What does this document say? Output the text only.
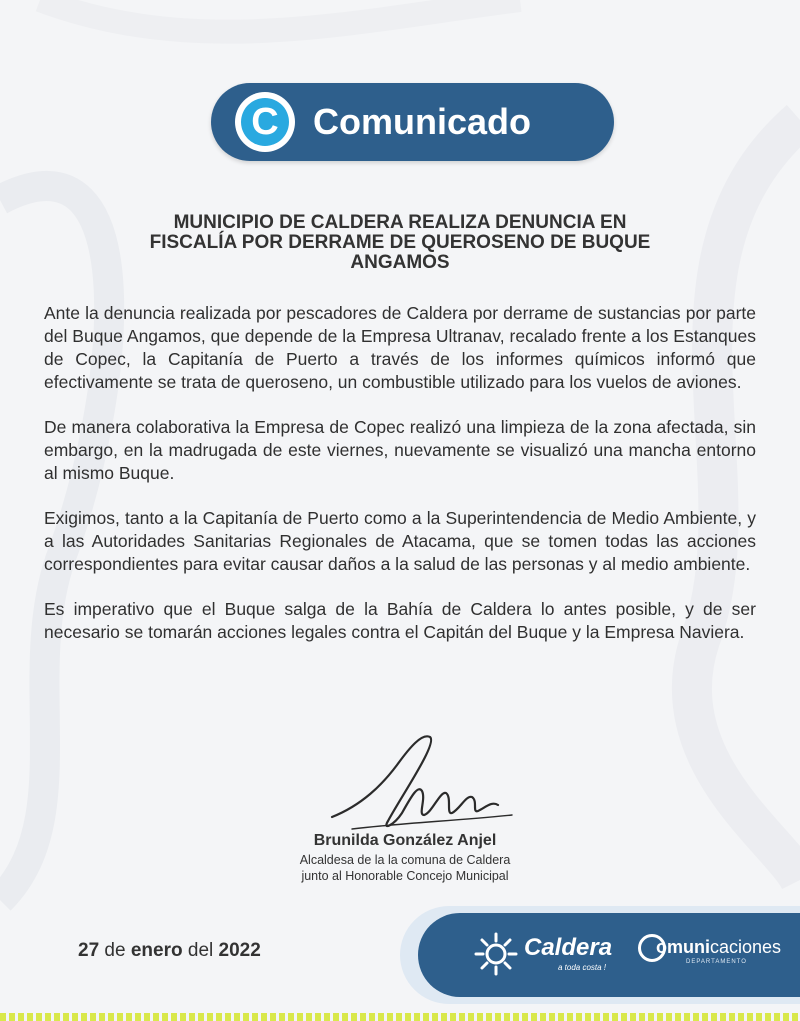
C Comunicado
MUNICIPIO DE CALDERA REALIZA DENUNCIA EN
FISCALÍA POR DERRAME DE QUEROSENO DE BUQUE
ANGAMOS

Ante la denuncia realizada por pescadores de Caldera por derrame de sustancias por parte del Buque Angamos, que depende de la Empresa Ultranav, recalado frente a los Estanques de Copec, la Capitanía de Puerto a través de los informes químicos informó que efectivamente se trata de queroseno, un combustible utilizado para los vuelos de aviones.

De manera colaborativa la Empresa de Copec realizó una limpieza de la zona afectada, sin embargo, en la madrugada de este viernes, nuevamente se visualizó una mancha entorno al mismo Buque.

Exigimos, tanto a la Capitanía de Puerto como a la Superintendencia de Medio Ambiente, y a las Autoridades Sanitarias Regionales de Atacama, que se tomen todas las acciones correspondientes para evitar causar daños a la salud de las personas y al medio ambiente.

Es imperativo que el Buque salga de la Bahía de Caldera lo antes posible, y de ser necesario se tomarán acciones legales contra el Capitán del Buque y la Empresa Naviera.

Brunilda González Anjel
Alcaldesa de la la comuna de Caldera
junto al Honorable Concejo Municipal
27 de enero del 2022	Caldera
a toda costa !
omunicaciones
DEPARTAMENTO
